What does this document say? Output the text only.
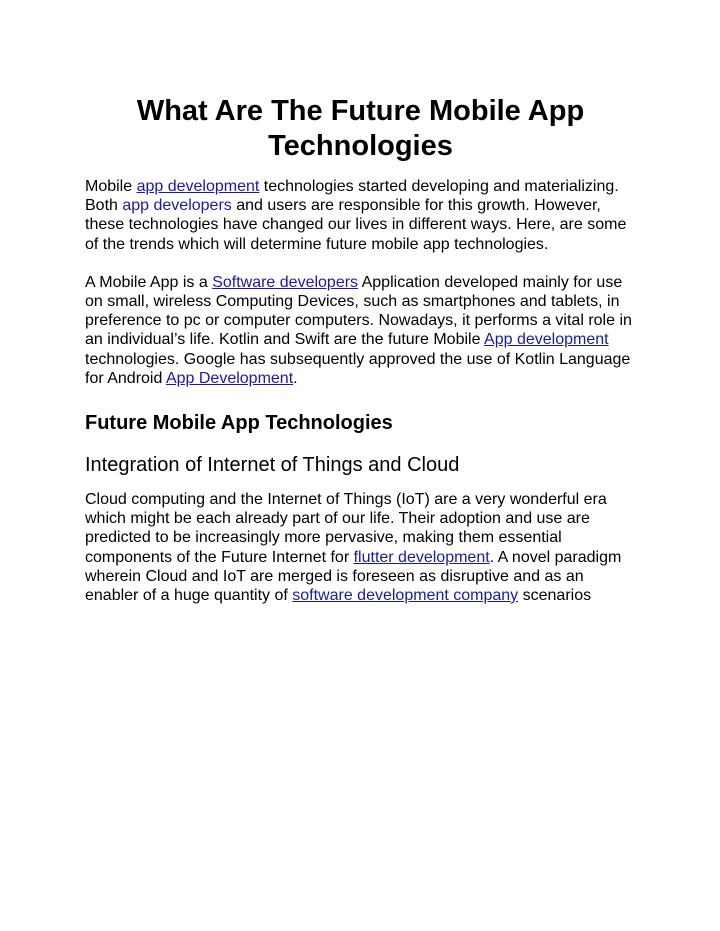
What Are The Future Mobile App Technologies

Mobile app development technologies started developing and materializing. Both app developers and users are responsible for this growth. However, these technologies have changed our lives in different ways. Here, are some of the trends which will determine future mobile app technologies.

A Mobile App is a Software developers Application developed mainly for use on small, wireless Computing Devices, such as smartphones and tablets, in preference to pc or computer computers. Nowadays, it performs a vital role in an individual’s life. Kotlin and Swift are the future Mobile App development technologies. Google has subsequently approved the use of Kotlin Language for Android App Development.

Future Mobile App Technologies
Integration of Internet of Things and Cloud

Cloud computing and the Internet of Things (IoT) are a very wonderful era which might be each already part of our life. Their adoption and use are predicted to be increasingly more pervasive, making them essential components of the Future Internet for flutter development. A novel paradigm wherein Cloud and IoT are merged is foreseen as disruptive and as an enabler of a huge quantity of software development company scenarios
